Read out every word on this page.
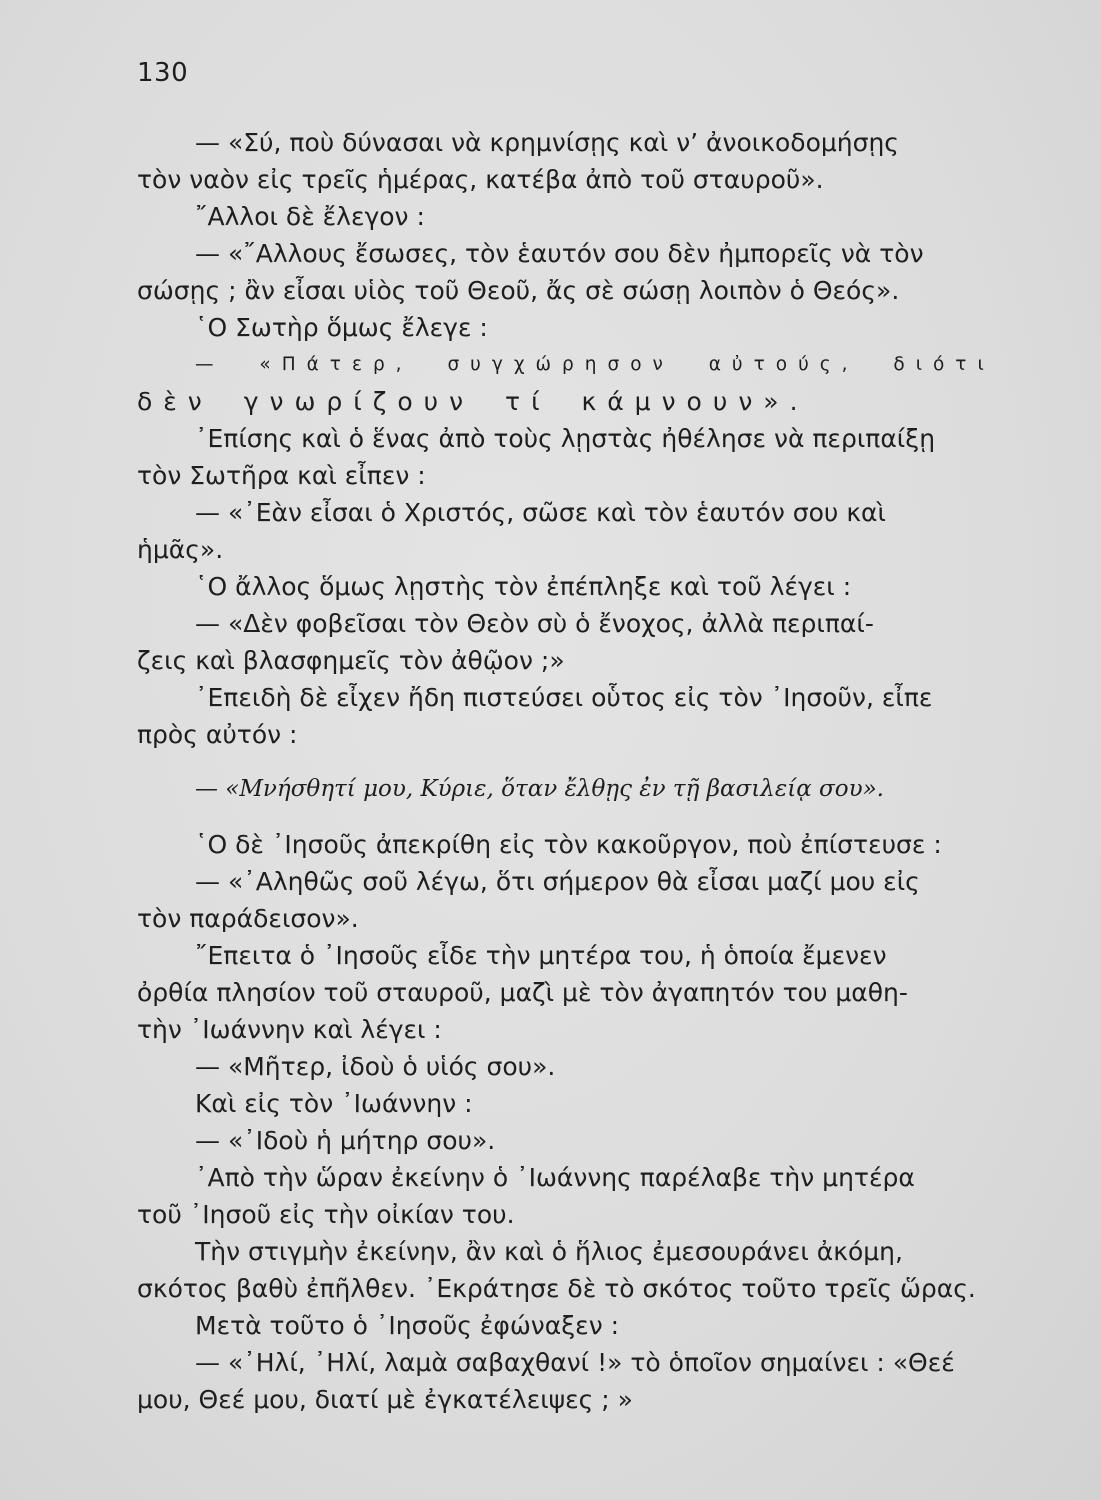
130
— «Σύ, ποὺ δύνασαι νὰ κρημνίσῃς καὶ ν’ ἀνοικοδομήσῃς
τὸν ναὸν εἰς τρεῖς ἡμέρας, κατέβα ἀπὸ τοῦ σταυροῦ».
῎Αλλοι δὲ ἔλεγον :
— «῎Αλλους ἔσωσες, τὸν ἑαυτόν σου δὲν ἠμπορεῖς νὰ τὸν
σώσῃς ; ἂν εἶσαι υἱὸς τοῦ Θεοῦ, ἄς σὲ σώσῃ λοιπὸν ὁ Θεός».
῾Ο Σωτὴρ ὅμως ἔλεγε :
— «Πάτερ, συγχώρησον αὐτούς, διότι
δὲν γνωρίζουν τί κάμνουν».
᾿Επίσης καὶ ὁ ἕνας ἀπὸ τοὺς λῃστὰς ἠθέλησε νὰ περιπαίξῃ
τὸν Σωτῆρα καὶ εἶπεν :
— «᾿Εὰν εἶσαι ὁ Χριστός, σῶσε καὶ τὸν ἑαυτόν σου καὶ
ἡμᾶς».
῾Ο ἄλλος ὅμως λῃστὴς τὸν ἐπέπληξε καὶ τοῦ λέγει :
— «Δὲν φοβεῖσαι τὸν Θεὸν σὺ ὁ ἔνοχος, ἀλλὰ περιπαί-
ζεις καὶ βλασφημεῖς τὸν ἀθῷον ;»
᾿Επειδὴ δὲ εἶχεν ἤδη πιστεύσει οὗτος εἰς τὸν ᾿Ιησοῦν, εἶπε
πρὸς αὐτόν :
— «Μνήσθητί μου, Κύριε, ὅταν ἔλθῃς ἐν τῇ βασιλείᾳ σου».
῾Ο δὲ ᾿Ιησοῦς ἀπεκρίθη εἰς τὸν κακοῦργον, ποὺ ἐπίστευσε :
— «᾿Αληθῶς σοῦ λέγω, ὅτι σήμερον θὰ εἶσαι μαζί μου εἰς
τὸν παράδεισον».
῎Επειτα ὁ ᾿Ιησοῦς εἶδε τὴν μητέρα του, ἡ ὁποία ἔμενεν
ὀρθία πλησίον τοῦ σταυροῦ, μαζὶ μὲ τὸν ἀγαπητόν του μαθη-
τὴν ᾿Ιωάννην καὶ λέγει :
— «Μῆτερ, ἰδοὺ ὁ υἱός σου».
Καὶ εἰς τὸν ᾿Ιωάννην :
— «᾿Ιδοὺ ἡ μήτηρ σου».
᾿Απὸ τὴν ὥραν ἐκείνην ὁ ᾿Ιωάννης παρέλαβε τὴν μητέρα
τοῦ ᾿Ιησοῦ εἰς τὴν οἰκίαν του.
Τὴν στιγμὴν ἐκείνην, ἂν καὶ ὁ ἥλιος ἐμεσουράνει ἀκόμη,
σκότος βαθὺ ἐπῆλθεν. ᾿Εκράτησε δὲ τὸ σκότος τοῦτο τρεῖς ὥρας.
Μετὰ τοῦτο ὁ ᾿Ιησοῦς ἐφώναξεν :
— «᾿Ηλί, ᾿Ηλί, λαμὰ σαβαχθανί !» τὸ ὁποῖον σημαίνει : «Θεέ
μου, Θεέ μου, διατί μὲ ἐγκατέλειψες ; »
